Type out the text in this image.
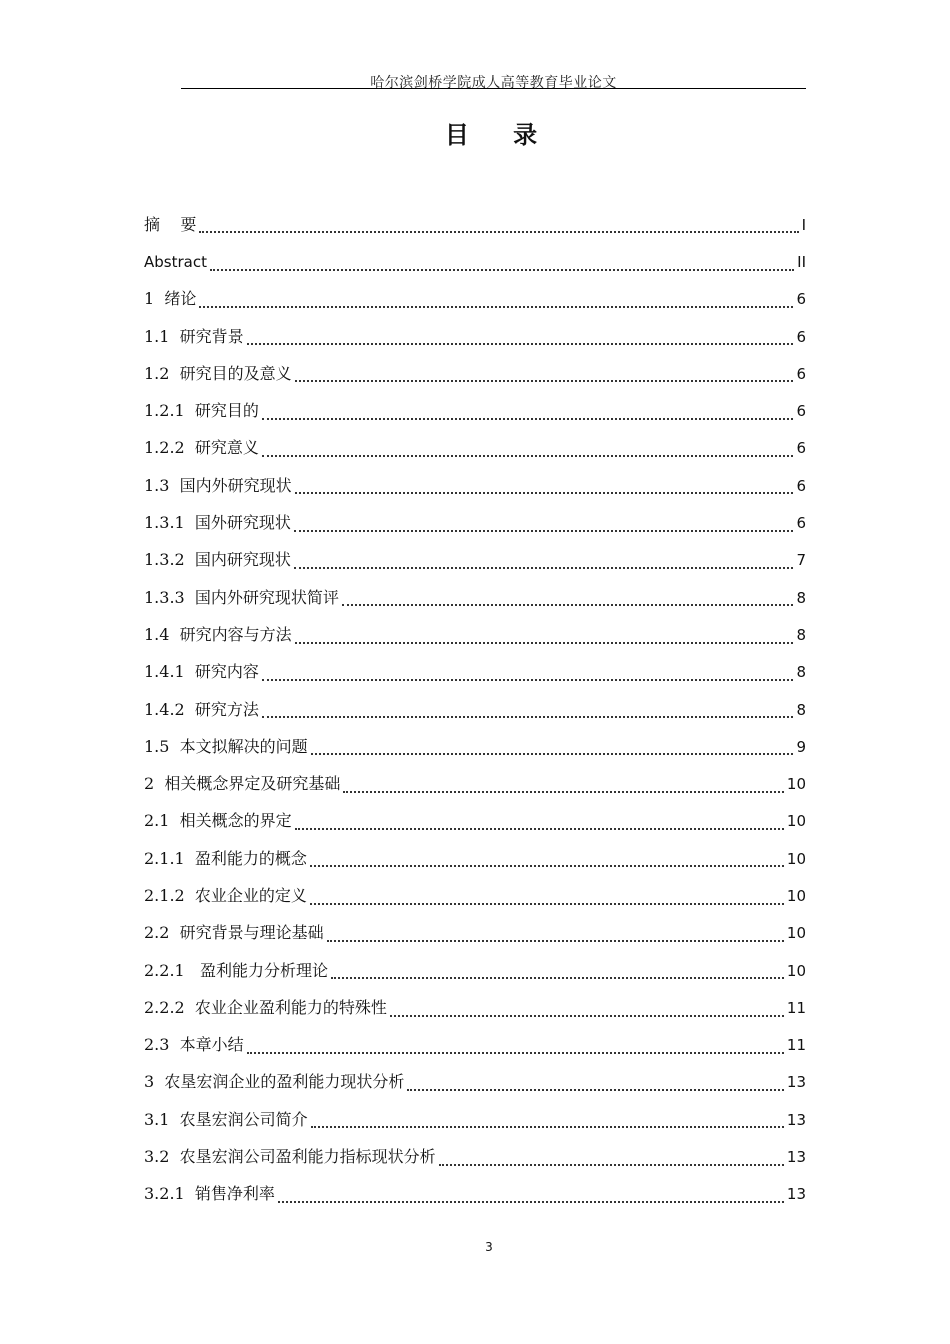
哈尔滨剑桥学院成人高等教育毕业论文
目 录
摘    要	I
Abstract	II
1  绪论	6
1.1  研究背景	6
1.2  研究目的及意义	6
1.2.1  研究目的	6
1.2.2  研究意义	6
1.3  国内外研究现状	6
1.3.1  国外研究现状	6
1.3.2  国内研究现状	7
1.3.3  国内外研究现状简评	8
1.4  研究内容与方法	8
1.4.1  研究内容	8
1.4.2  研究方法	8
1.5  本文拟解决的问题	9
2  相关概念界定及研究基础	10
2.1  相关概念的界定	10
2.1.1  盈利能力的概念	10
2.1.2  农业企业的定义	10
2.2  研究背景与理论基础	10
2.2.1   盈利能力分析理论	10
2.2.2  农业企业盈利能力的特殊性	11
2.3  本章小结	11
3  农垦宏润企业的盈利能力现状分析	13
3.1  农垦宏润公司简介	13
3.2  农垦宏润公司盈利能力指标现状分析	13
3.2.1  销售净利率	13
3
